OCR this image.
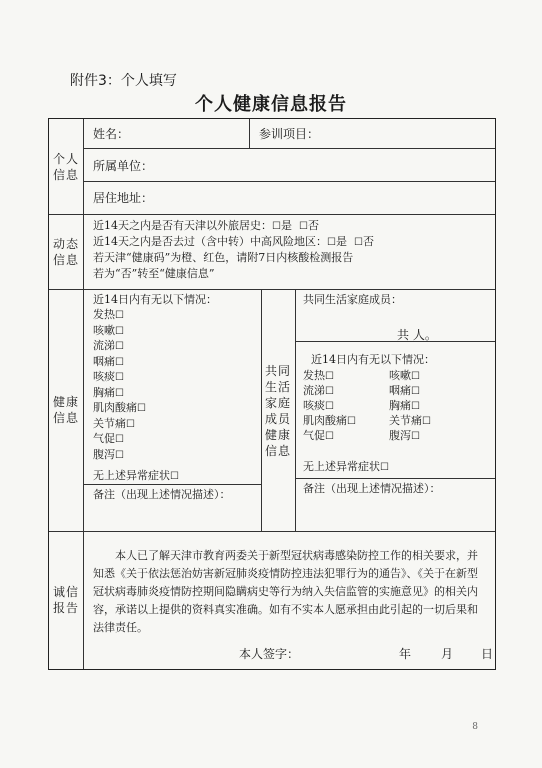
附件3：个人填写
个人健康信息报告
个人信息
动态信息
健康信息
诚信报告
共同生活家庭成员健康信息
姓名：	参训项目：
所属单位：
居住地址：
近14天之内是否有天津以外旅居史：☐是 ☐否
近14天之内是否去过（含中转）中高风险地区：☐是 ☐否
若天津“健康码”为橙、红色，请附7日内核酸检测报告
若为“否”转至“健康信息”
近14日内有无以下情况：
发热☐
咳嗽☐
流涕☐
咽痛☐
咳痰☐
胸痛☐
肌肉酸痛☐
关节痛☐
气促☐
腹泻☐
无上述异常症状☐
备注（出现上述情况描述）：
共同生活家庭成员：
共 人。
近14日内有无以下情况：
发热☐
流涕☐
咳痰☐
肌肉酸痛☐
气促☐
咳嗽☐
咽痛☐
胸痛☐
关节痛☐
腹泻☐
无上述异常症状☐
备注（出现上述情况描述）：
本人已了解天津市教育两委关于新型冠状病毒感染防控工作的相关要求，并知悉《关于依法惩治妨害新冠肺炎疫情防控违法犯罪行为的通告》、《关于在新型冠状病毒肺炎疫情防控期间隐瞒病史等行为纳入失信监管的实施意见》的相关内容，承诺以上提供的资料真实准确。如有不实本人愿承担由此引起的一切后果和法律责任。
本人签字：	年 月 日
8
